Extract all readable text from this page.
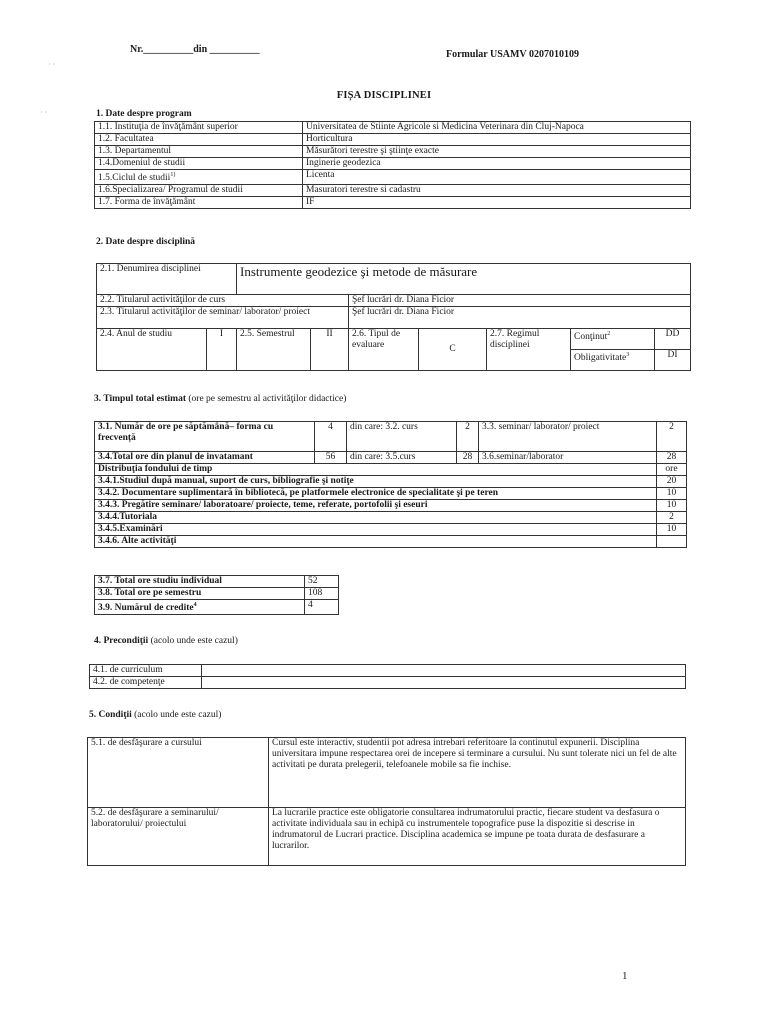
· ·
· ·
Nr.__________din __________	Formular USAMV 0207010109
FIȘA DISCIPLINEI
1. Date despre program
1.1. Instituţia de învăţământ superior	Universitatea de Stiinte Agricole si Medicina Veterinara din Cluj-Napoca
1.2. Facultatea	Horticultura
1.3. Departamentul	Măsurători terestre şi ştiinţe exacte
1.4.Domeniul de studii	Inginerie geodezica
1.5.Ciclul de studii$^{1)}$	Licenta
1.6.Specializarea/ Programul de studii	Masuratori terestre si cadastru
1.7. Forma de învăţământ	IF
2. Date despre disciplină
2.1. Denumirea disciplinei		Instrumente geodezice şi metode de măsurare						
2.2. Titularul activităţilor de curs				Şef lucrări dr. Diana Ficior				
2.3. Titularul activităţilor de seminar/ laborator/ proiect				Şef lucrări dr. Diana Ficior				
2.4. Anul de studiu	I	2.5. Semestrul	II	2.6. Tipul de evaluare	C	2.7. Regimul disciplinei	Conţinut$^2$	DD
							Obligativitate$^3$	DI
3. Timpul total estimat (ore pe semestru al activităţilor didactice)
3.1. Număr de ore pe săptămână– forma cu frecvență	4	din care: 3.2. curs	2	3.3. seminar/ laborator/ proiect	2
3.4.Total ore din planul de invatamant	56	din care: 3.5.curs	28	3.6.seminar/laborator	28
Distribuţia fondului de timp					ore
3.4.1.Studiul după manual, suport de curs, bibliografie şi notiţe					20
3.4.2. Documentare suplimentară în bibliotecă, pe platformele electronice de specialitate şi pe teren					10
3.4.3. Pregătire seminare/ laboratoare/ proiecte, teme, referate, portofolii şi eseuri					10
3.4.4.Tutoriala					2
3.4.5.Examinări					10
3.4.6. Alte activităţi					
3.7. Total ore studiu individual	52
3.8. Total ore pe semestru	108
3.9. Numărul de credite$^4$	4
4. Precondiţii (acolo unde este cazul)
4.1. de curriculum	
4.2. de competenţe	
5. Condiţii (acolo unde este cazul)
5.1. de desfăşurare a cursului	Cursul este interactiv, studentii pot adresa intrebari referitoare la continutul expunerii. Disciplina universitara impune respectarea orei de incepere si terminare a cursului. Nu sunt tolerate nici un fel de alte activitati pe durata prelegerii, telefoanele mobile sa fie inchise.
5.2. de desfăşurare a seminarului/ laboratorului/ proiectului	La lucrarile practice este obligatorie consultarea indrumatorului practic, fiecare student va desfasura o activitate individuala sau in echipă cu instrumentele topografice puse la dispozitie si descrise in indrumatorul de Lucrari practice. Disciplina academica se impune pe toata durata de desfasurare a lucrarilor.
1
